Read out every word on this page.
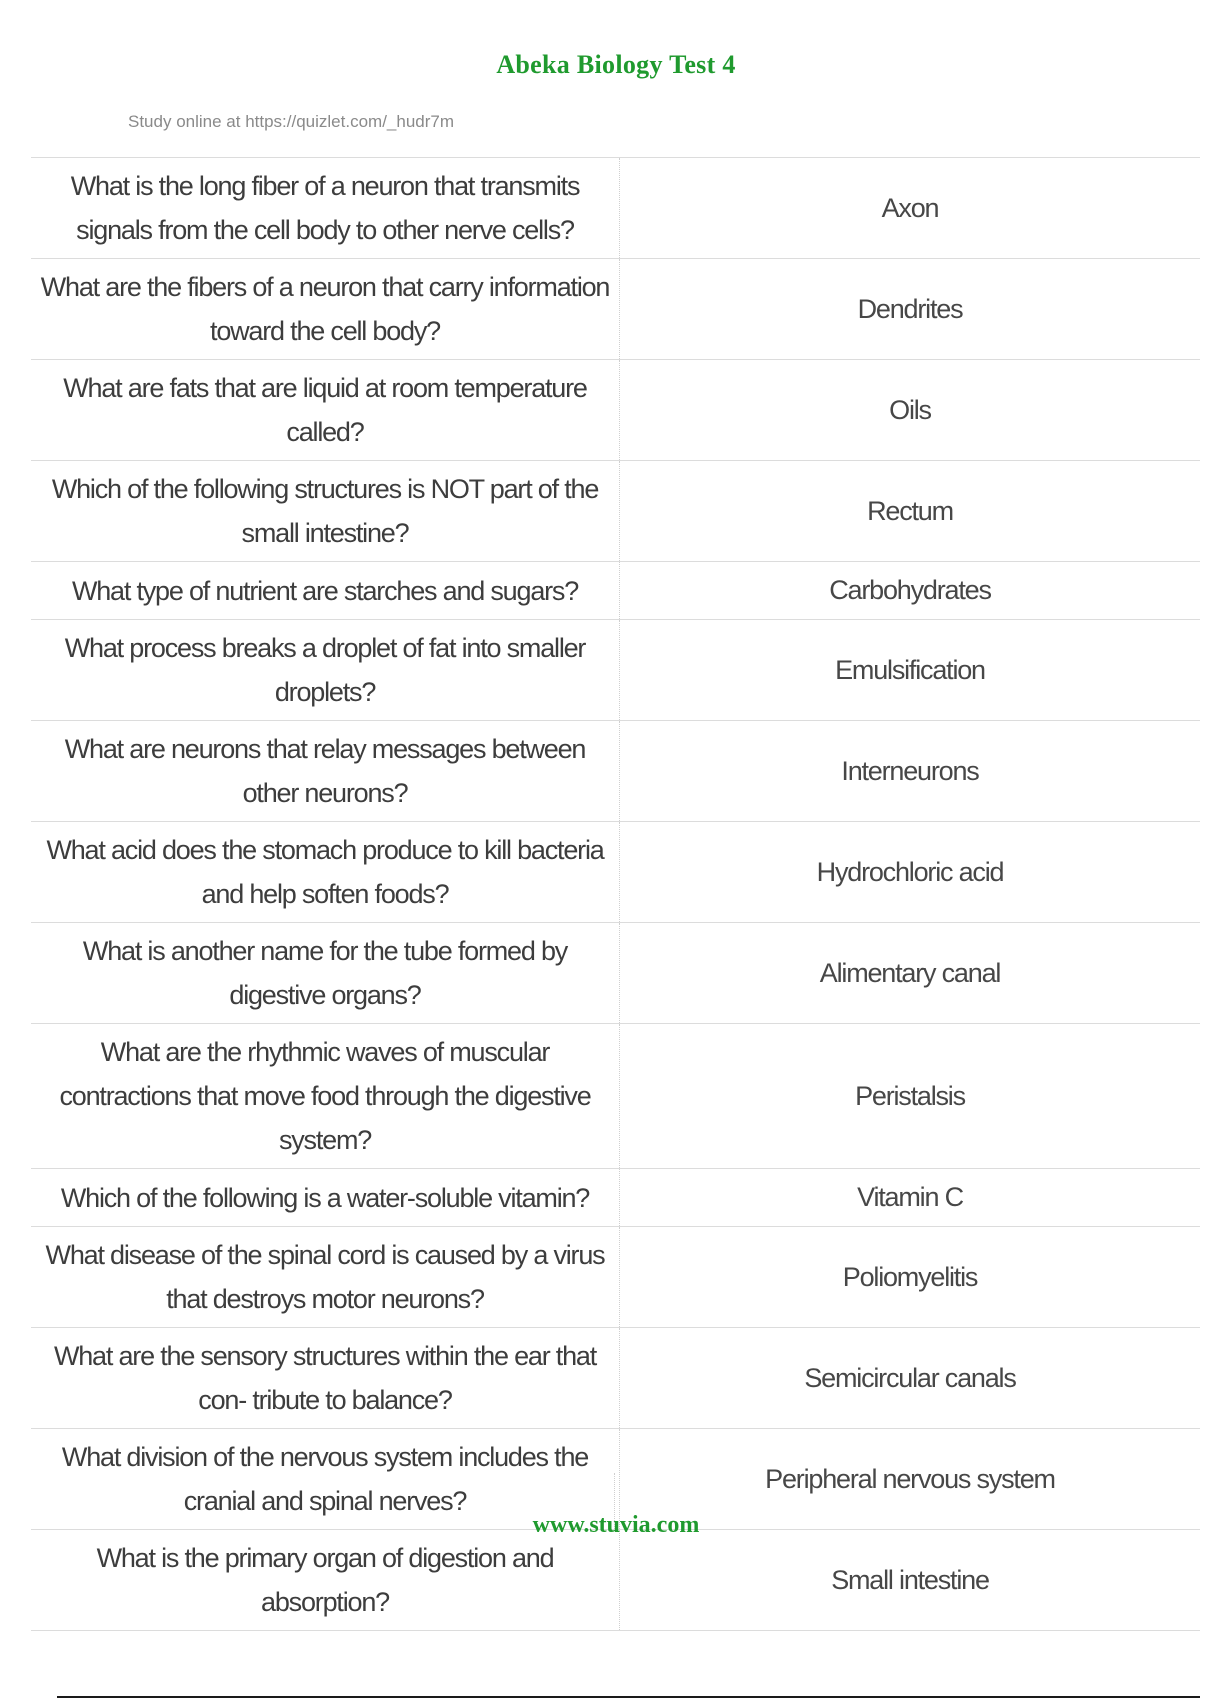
Abeka Biology Test 4
Study online at https://quizlet.com/_hudr7m
What is the long fiber of a neuron that transmits signals from the cell body to other nerve cells?	Axon
What are the fibers of a neuron that carry information toward the cell body?	Dendrites
What are fats that are liquid at room temperature called?	Oils
Which of the following structures is NOT part of the small intestine?	Rectum
What type of nutrient are starches and sugars?	Carbohydrates
What process breaks a droplet of fat into smaller droplets?	Emulsification
What are neurons that relay messages between other neurons?	Interneurons
What acid does the stomach produce to kill bacteria and help soften foods?	Hydrochloric acid
What is another name for the tube formed by digestive organs?	Alimentary canal
What are the rhythmic waves of muscular contractions that move food through the digestive system?	Peristalsis
Which of the following is a water-soluble vitamin?	Vitamin C
What disease of the spinal cord is caused by a virus that destroys motor neurons?	Poliomyelitis
What are the sensory structures within the ear that con- tribute to balance?	Semicircular canals
What division of the nervous system includes the cranial and spinal nerves?	Peripheral nervous system
What is the primary organ of digestion and absorption?	Small intestine
www.stuvia.com
